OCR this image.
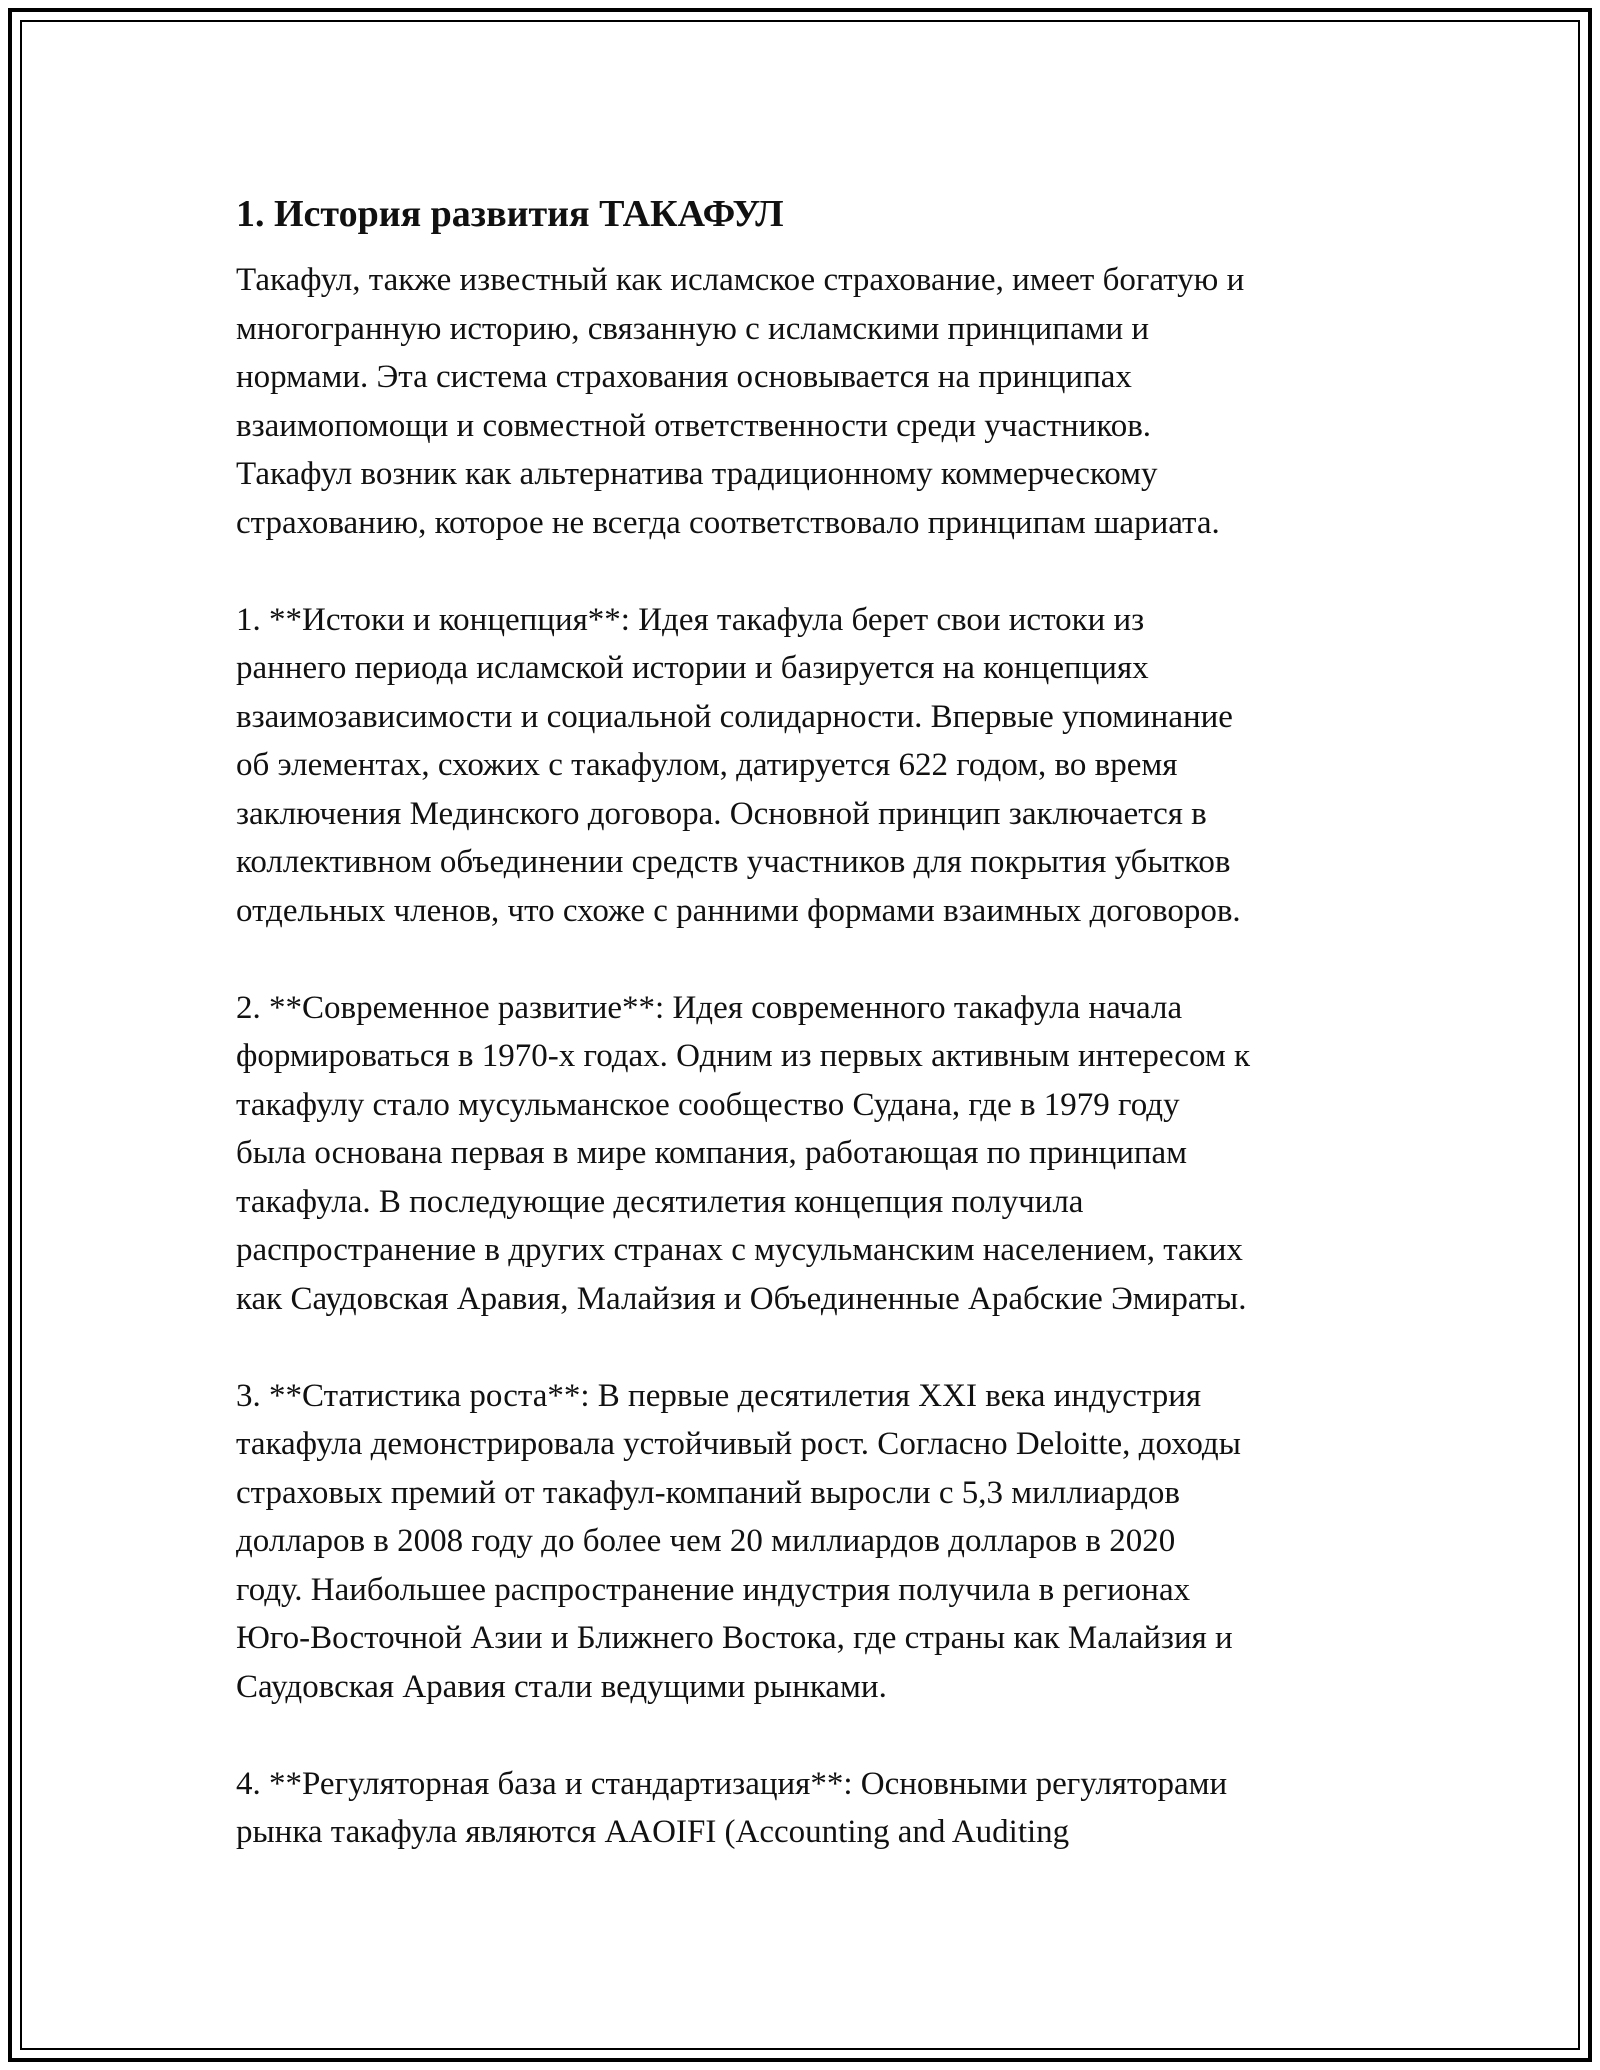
1. История развития ТАКАФУЛ

Такафул, также известный как исламское страхование, имеет богатую и
многогранную историю, связанную с исламскими принципами и
нормами. Эта система страхования основывается на принципах
взаимопомощи и совместной ответственности среди участников.
Такафул возник как альтернатива традиционному коммерческому
страхованию, которое не всегда соответствовало принципам шариата.

1. **Истоки и концепция**: Идея такафула берет свои истоки из
раннего периода исламской истории и базируется на концепциях
взаимозависимости и социальной солидарности. Впервые упоминание
об элементах, схожих с такафулом, датируется 622 годом, во время
заключения Мединского договора. Основной принцип заключается в
коллективном объединении средств участников для покрытия убытков
отдельных членов, что схоже с ранними формами взаимных договоров.

2. **Современное развитие**: Идея современного такафула начала
формироваться в 1970-х годах. Одним из первых активным интересом к
такафулу стало мусульманское сообщество Судана, где в 1979 году
была основана первая в мире компания, работающая по принципам
такафула. В последующие десятилетия концепция получила
распространение в других странах с мусульманским населением, таких
как Саудовская Аравия, Малайзия и Объединенные Арабские Эмираты.

3. **Статистика роста**: В первые десятилетия XXI века индустрия
такафула демонстрировала устойчивый рост. Согласно Deloitte, доходы
страховых премий от такафул-компаний выросли с 5,3 миллиардов
долларов в 2008 году до более чем 20 миллиардов долларов в 2020
году. Наибольшее распространение индустрия получила в регионах
Юго-Восточной Азии и Ближнего Востока, где страны как Малайзия и
Саудовская Аравия стали ведущими рынками.

4. **Регуляторная база и стандартизация**: Основными регуляторами
рынка такафула являются AAOIFI (Accounting and Auditing
